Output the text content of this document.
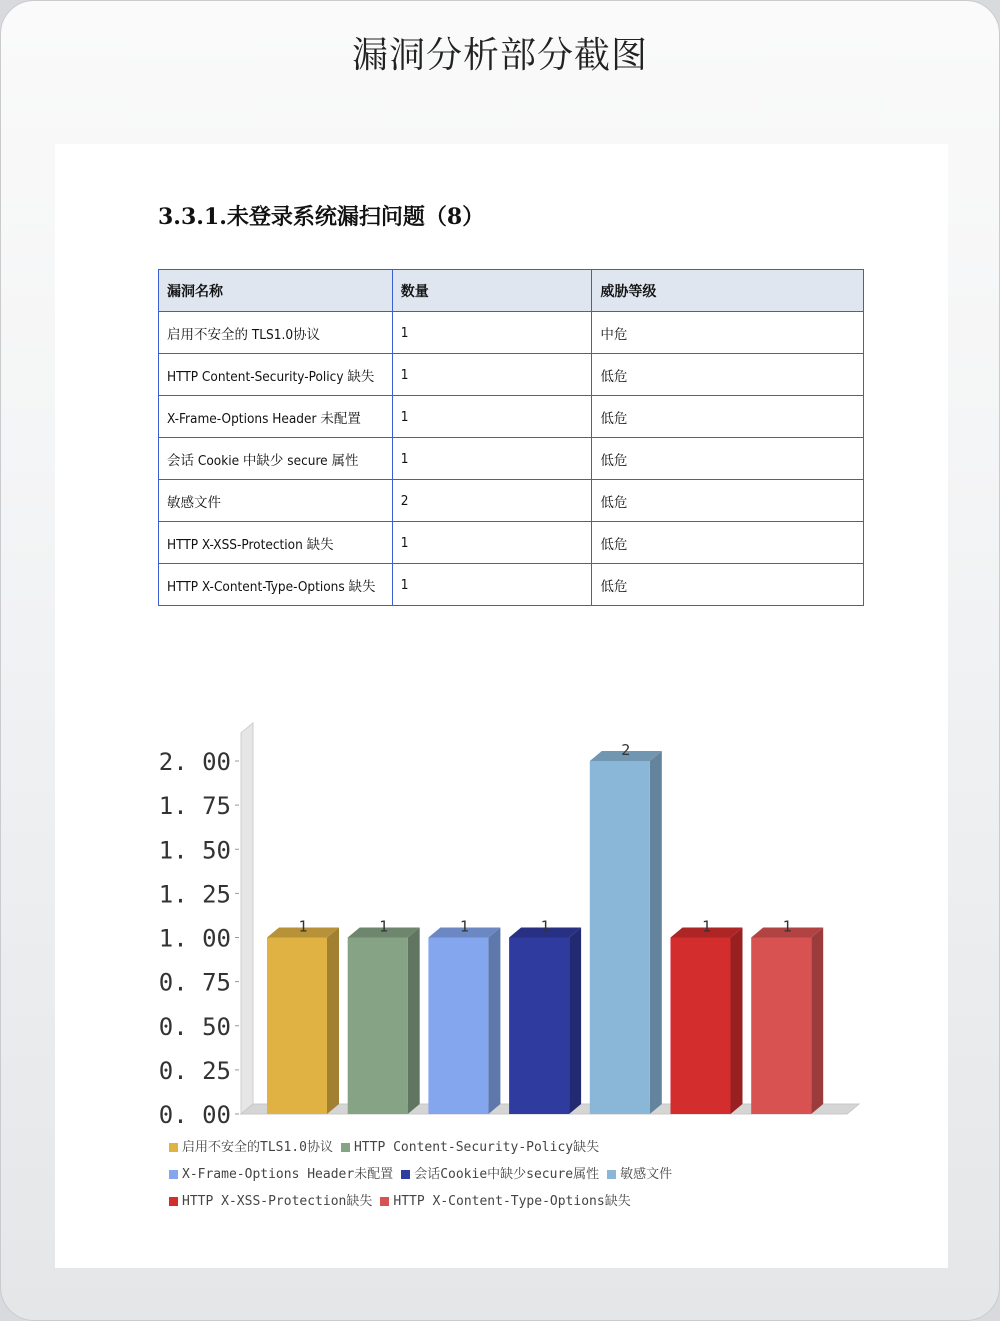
漏洞分析部分截图
3.3.1.未登录系统漏扫问题（8）
漏洞名称	数量	威胁等级
启用不安全的 TLS1.0协议	1	中危
HTTP Content-Security-Policy 缺失	1	低危
X-Frame-Options Header 未配置	1	低危
会话 Cookie 中缺少 secure 属性	1	低危
敏感文件	2	低危
HTTP X-XSS-Protection 缺失	1	低危
HTTP X-Content-Type-Options 缺失	1	低危
0. 00
0. 25
0. 50
0. 75
1. 00
1. 25
1. 50
1. 75
2. 00
1	1	1	1
2
1	1
启用不安全的TLS1.0协议 HTTP Content-Security-Policy缺失X-Frame-Options Header未配置 会话Cookie中缺少secure属性 敏感文件HTTP X-XSS-Protection缺失 HTTP X-Content-Type-Options缺失
